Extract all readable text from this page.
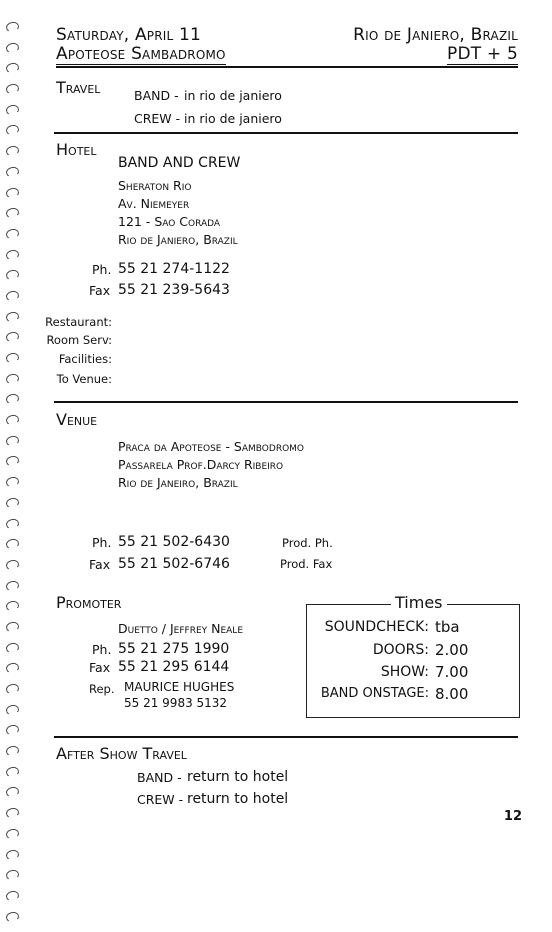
Saturday, April 11	Rio de Janiero, Brazil
Apoteose Sambadromo	PDT + 5
Travel	BAND - in rio de janiero
CREW - in rio de janiero
Hotel
BAND AND CREW
Sheraton Rio
Av. Niemeyer
121 - Sao Corada
Rio de Janiero, Brazil
Ph. 55 21 274-1122
Fax 55 21 239-5643
Restaurant:
Room Serv:
Facilities:
To Venue:
Venue
Praca da Apoteose - Sambodromo
Passarela Prof.Darcy Ribeiro
Rio de Janeiro, Brazil
Ph. 55 21 502-6430
Fax 55 21 502-6746
Prod. Ph.
Prod. Fax
Promoter
Duetto / Jeffrey Neale
Ph. 55 21 275 1990
Fax 55 21 295 6144
Rep. MAURICE HUGHES
55 21 9983 5132
Times
SOUNDCHECK: tba
DOORS: 2.00
SHOW: 7.00
BAND ONSTAGE: 8.00
After Show Travel
BAND - return to hotel
CREW - return to hotel
12
